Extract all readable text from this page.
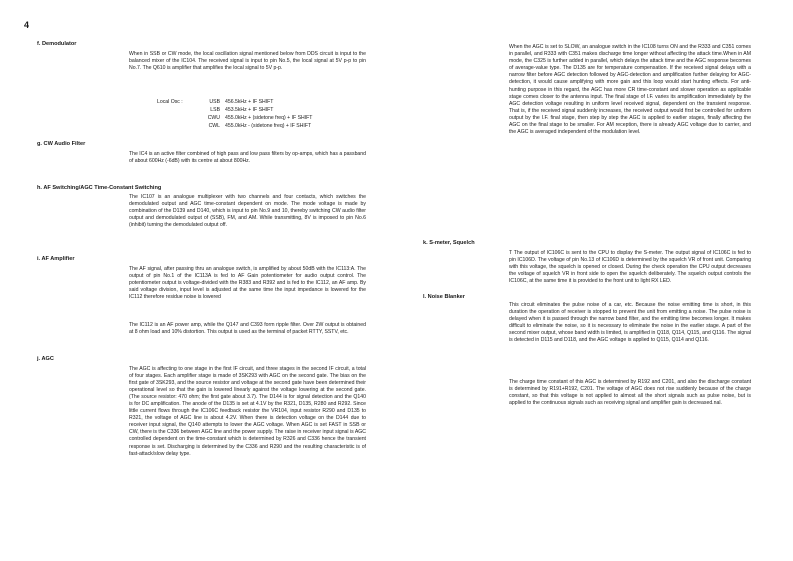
4
f. Demodulator

When in SSB or CW mode, the local oscillation signal mentioned below from DDS circuit is input to the balanced mixer of the IC104. The received signal is input to pin No.5, the local signal at 5V p-p to pin No.7. The Q610 is amplifier that amplifies the local signal to 5V p-p.

Local Osc :	USB 456.5kHz + IF SHIFT
LSB 453.5kHz + IF SHIFT
CWU 455.0kHz + (sidetone freq) + IF SHIFT
CWL 455.0kHz - (sidetone freq) + IF SHIFT
g. CW Audio Filter

The IC4 is an active filter combined of high pass and low pass filters by op-amps, which has a passband of about 600Hz (-6dB) with its centre at about 800Hz.

h. AF Switching/AGC Time-Constant Switching

The IC107 is an analogue multiplexer with two channels and four contacts, which switches the demodulated output and AGC time-constant dependent on mode. The mode voltage is made by combination of the D139 and D140, which is input to pin No.9 and 10, thereby switching CW audio filter output and demodulated output of (SSB), FM, and AM. While transmitting, 8V is imposed to pin No.6 (inhibit) turning the demodulated output off.

i. AF Amplifier

The AF signal, after passing thru an analogue switch, is amplified by about 50dB with the IC113:A. The output of pin No.1 of the IC113A is fed to AF Gain potentiometer for audio output control. The potentiometer output is voltage-divided with the R383 and R392 and is fed to the IC112, an AF amp. By said voltage division, input level is adjusted at the same time the input impedance is lowered for the IC112 therefore residue noise is lowered

The IC112 is an AF power amp, while the Q147 and C393 form ripple filter. Over 2W output is obtained at 8 ohm load and 10% distortion. This output is used as the terminal of packet RTTY, SSTV, etc.

j. AGC

The AGC is affecting to one stage in the first IF circuit, and three stages in the second IF circuit, a total of four stages. Each amplifier stage is made of 3SK293 with AGC on the second gate. The bias on the first gate of 3SK293, and the source resistor and voltage at the second gate have been determined their operational level so that the gain is lowered linearly against the voltage lowering at the second gate. (The source resistor: 470 ohm; the first gate about 3.7). The D144 is for signal detection and the Q140 is for DC amplification. The anode of the D135 is set at 4.1V by the R321, D135, R280 and R292. Since little current flows through the IC106C feedback resistor the VR104, input resistor R290 and D135 to R321, the voltage of AGC line is about 4.2V. When there is detection voltage on the D144 due to receiver input signal, the Q140 attempts to lower the AGC voltage. When AGC is set FAST in SSB or CW, there is the C336 between AGC line and the power supply. The raise in receiver input signal is AGC controlled dependent on the time-constant which is determined by R326 and C336 hence the transient response is set. Discharging is determined by the C336 and R290 and the resulting characteristic is of fast-attack/slow delay type.

When the AGC is set to SLOW, an analogue switch in the IC108 turns ON and the R333 and C351 comes in parallel, and R333 with C351 makes discharge time longer without affecting the attack time.When in AM mode, the C325 is further added in parallel, which delays the attack time and the AGC response becomes of average-value type. The D135 are for temperature compensation. If the received signal delays with a narrow filter before AGC detection followed by AGC-detection and amplification further delaying for AGC-detection, it would cause amplifying with more gain and this loop would start hunting effects. For anti-hunting purpose in this regard, the AGC has more CR time-constant and slower operation as applicable stage comes closer to the antenna input. The final stage of I.F. varies its amplification immediately by the AGC detection voltage resulting in uniform level received signal, dependent on the transient response. That is, if the received signal suddenly increases, the received output would first be controlled for uniform output by the I.F. final stage, then step by step the AGC is applied to earlier stages, finally affecting the AGC on the final stage to be smaller. For AM reception, there is already AGC voltage due to carrier, and the AGC is averaged independent of the modulation level.

k. S-meter, Squelch

T The output of IC106C is sent to the CPU to display the S-meter. The output signal of IC106C is fed to pin IC106D. The voltage of pin No.13 of IC106D is determined by the squelch VR of front unit. Comparing with this voltage, the squelch is opened or closed. During the check operation the CPU output decreases the voltage of squelch VR in front side to open the squelch deliberately. The squelch output controls the IC106C, at the same time it is provided to the front unit to light RX LED.

l. Noise Blanker

This circuit eliminates the pulse noise of a car, etc. Because the noise emitting time is short, in this duration the operation of receiver is stopped to prevent the unit from emitting a noise. The pulse noise is delayed when it is passed through the narrow band filter, and the emitting time becomes longer. It makes difficult to eliminate the noise, so it is necessary to eliminate the noise in the earlier stage. A part of the second mixer output, whose band width is limited, is amplified in Q118, Q114, Q115, and Q116. The signal is detected in D115 and D118, and the AGC voltage is applied to Q115, Q114 and Q116.

The charge time constant of this AGC is determined by R192 and C201, and also the discharge constant is determined by R191+R192, C201. The voltage of AGC does not rise suddenly because of the charge constant, so that this voltage is not applied to almost all the short signals such as pulse noise, but is applied to the continuous signals such as receiving signal and amplifier gain is decreased.nal.
